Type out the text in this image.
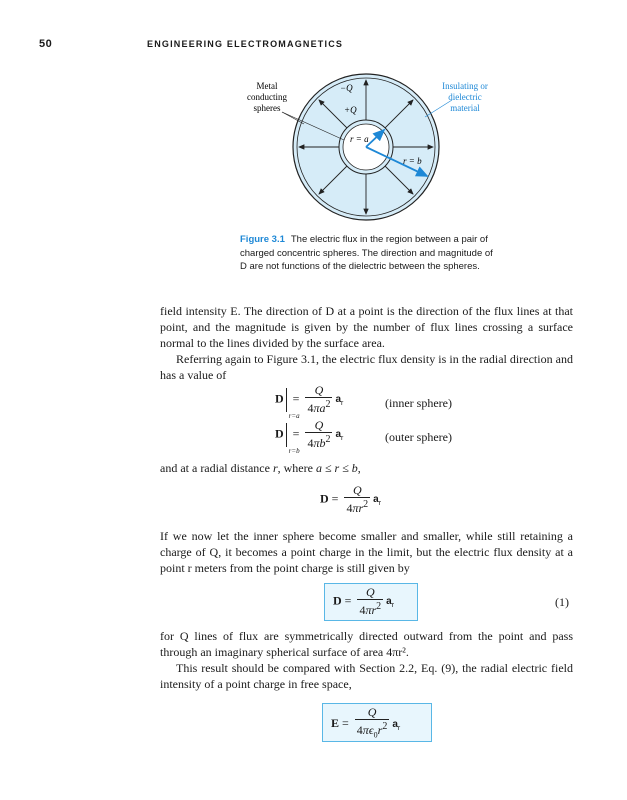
50	ENGINEERING ELECTROMAGNETICS
Metal
conducting
spheres
Insulating or
dielectric
material
−Q
+Q
r = a
r = b
Figure 3.1 The electric flux in the region between a pair of charged concentric spheres. The direction and magnitude of D are not functions of the dielectric between the spheres.
field intensity E. The direction of D at a point is the direction of the flux lines at that point, and the magnitude is given by the number of flux lines crossing a surface normal to the lines divided by the surface area.
Referring again to Figure 3.1, the electric flux density is in the radial direction and has a value of
D
r=a
= $\frac{Q}{4\pi a^2} a_r$	(inner sphere)
D
r=b
= $\frac{Q}{4\pi b^2} a_r$	(outer sphere)
and at a radial distance r, where a ≤ r ≤ b,
$D = \frac{Q}{4\pi r^2} a_r$
If we now let the inner sphere become smaller and smaller, while still retaining a charge of Q, it becomes a point charge in the limit, but the electric flux density at a point r meters from the point charge is still given by
$D = \frac{Q}{4\pi r^2} a_r$	(1)
for Q lines of flux are symmetrically directed outward from the point and pass through an imaginary spherical surface of area 4πr².
This result should be compared with Section 2.2, Eq. (9), the radial electric field intensity of a point charge in free space,
$E = \frac{Q}{4\pi\epsilon_0r^2} a_r$
